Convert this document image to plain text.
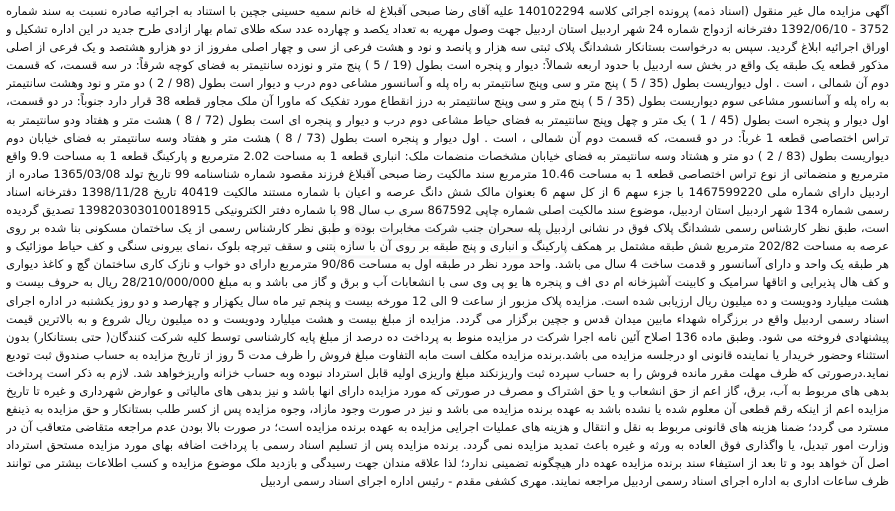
آگهی مزایده مال غیر منقول (اسناد ذمه) پرونده اجرائی کلاسه 140102294 علیه آقای رضا صبحی آقبلاغ له خانم سمیه حسینی جچین با استناد به اجرائیه صادره نسبت به سند شماره 3752 - 1392/06/10 دفترخانه ازدواج شماره 24 شهر اردبیل استان اردبیل جهت وصول مهریه به تعداد یکصد و چهارده عدد سکه طلای تمام بهار ازادی طرح جدید در این اداره تشکیل و اوراق اجرائیه ابلاغ گردید. سپس به درخواست بستانکار ششدانگ پلاک ثبتی سه هزار و پانصد و نود و هشت فرعی از سی و چهار اصلی مفروز از دو هزارو هشتصد و یک فرعی از اصلی مذکور قطعه یک طبقه یک واقع در بخش سه اردبیل با حدود اربعه شمالاً: دیوار و پنجره است بطول (19 / 5 ) پنج متر و نوزده سانتیمتر به فضای کوچه شرقاً: در سه قسمت، که قسمت دوم آن شمالی ، است . اول دیواریست بطول (35 / 5 ) پنج متر و سی وپنج سانتیمتر به راه پله و آسانسور مشاعی دوم درب و دیوار است بطول (98 / 2 ) دو متر و نود وهشت سانتیمتر به راه پله و آسانسور مشاعی سوم دیواریست بطول (35 / 5 ) پنج متر و سی وپنج سانتیمتر به درز انقطاع مورد تفکیک که ماورا آن ملک مجاور قطعه 38 قرار دارد جنوباً: در دو قسمت، اول دیوار و پنجره است بطول (45 / 1 ) یک متر و چهل وپنج سانتیمتر به فضای حیاط مشاعی دوم درب و دیوار و پنجره ای است بطول (72 / 8 ) هشت متر و هفتاد ودو سانتیمتر به تراس اختصاصی قطعه 1 غرباً: در دو قسمت، که قسمت دوم آن شمالی ، است . اول دیوار و پنجره است بطول (73 / 8 ) هشت متر و هفتاد وسه سانتیمتر به فضای خیابان دوم دیواریست بطول (83 / 2 ) دو متر و هشتاد وسه سانتیمتر به فضای خیابان مشخصات منضمات ملک: انباری قطعه 1 به مساحت 2.02 مترمربع و پارکینگ قطعه 1 به مساحت 9.9 واقع مترمربع و منضماتی از نوع تراس اختصاصی قطعه 1 به مساحت 10.46 مترمربع سند مالکیت رضا صبحی آقبلاغ فرزند مقصود شماره شناسنامه 99 تاریخ تولد 1365/03/08 صادره از اردبیل دارای شماره ملی 1467599220 با جزء سهم 6 از کل سهم 6 بعنوان مالک شش دانگ عرصه و اعیان با شماره مستند مالکیت 40419 تاریخ 1398/11/28 دفترخانه اسناد رسمی شماره 134 شهر اردبیل استان اردبیل، موضوع سند مالکیت اصلی شماره چاپی 867592 سری ب سال 98 با شماره دفتر الکترونیکی 139820303010018915 تصدیق گردیده است، طبق نظر کارشناس رسمی ششدانگ پلاک فوق در نشانی اردبیل پله سحران جنب شرکت مخابرات بوده و طبق نظر کارشناس رسمی از یک ساختمان مسکونی بنا شده بر روی عرصه به مساحت 202/82 مترمربع شش طبقه مشتمل بر همکف پارکینگ و انباری و پنج طبقه بر روی آن با سازه بتنی و سقف تیرچه بلوک ،نمای بیرونی سنگی و کف حیاط موزائیک و هر طبقه یک واحد و دارای آسانسور و قدمت ساخت 4 سال می باشد. واحد مورد نظر در طبقه اول به مساحت 90/86 مترمربع دارای دو خواب و نازک کاری ساختمان گچ و کاغذ دیواری و کف هال پذیرایی و اتاقها سرامیک و کابینت آشپزخانه ام دی اف و پنجره ها یو پی وی سی با انشعابات آب و برق و گاز می باشد و به مبلغ 28/210/000/000 ریال به حروف بیست و هشت میلیارد ودویست و ده میلیون ریال ارزیابی شده است. مزایده پلاک مزبور از ساعت 9 الی 12 مورخه بیست و پنجم تیر ماه سال یکهزار و چهارصد و دو روز یکشنبه در اداره اجرای اسناد رسمی اردبیل واقع در برزگراه شهداء مابین میدان قدس و جچین برگزار می گردد. مزایده از مبلغ بیست و هشت میلیارد ودویست و ده میلیون ریال شروع و به بالاترین قیمت پیشنهادی فروخته می شود. وطبق ماده 136 اصلاح آئین نامه اجرا شرکت در مزایده منوط به پرداخت ده درصد از مبلغ پایه کارشناسی توسط کلیه شرکت کنندگان( حتی بستانکار) بدون استثناء وحضور خریدار یا نماینده قانونی او درجلسه مزایده می باشد.برنده مزایده مکلف است مابه التفاوت مبلغ فروش را ظرف مدت 5 روز از تاریخ مزایده به حساب صندوق ثبت توديع نمايد.درصورتی که ظرف مهلت مقرر مانده فروش را به حساب سپرده ثبت واریزنکند مبلغ واریزی اولیه قابل استرداد نبوده وبه حساب خزانه واریزخواهد شد. لازم به ذکر است پرداخت بدهی های مربوط به آب، برق، گاز اعم از حق انشعاب و یا حق اشتراک و مصرف در صورتی که مورد مزایده دارای انها باشد و نیز بدهی های مالیاتی و عوارض شهرداری و غیره تا تاریخ مزایده اعم از اینکه رقم قطعی آن معلوم شده یا نشده باشد به عهده برنده مزایده می باشد و نیز در صورت وجود مازاد، وجوه مزایده پس از کسر طلب بستانکار و حق مزایده به ذینفع مسترد می گردد؛ ضمنا هزینه های قانونی مربوط به نقل و انتقال و هزینه های عملیات اجرایی مزایده به عهده برنده مزایده است؛ در صورت بالا بودن عدم مراجعه متقاضی متعاقب آن در وزارت امور تبدیل، یا واگذاری فوق العاده به ورثه و غیره باعث تمدید مزایده نمی گردد. برنده مزایده پس از تسلیم اسناد رسمی با پرداخت اضافه بهای مورد مزایده مستحق استرداد اصل آن خواهد بود و تا بعد از استیفاء سند برنده مزایده عهده دار هیچگونه تضمینی ندارد؛ لذا علاقه مندان جهت رسیدگی و بازدید ملک موضوع مزایده و کسب اطلاعات بیشتر می توانند ظرف ساعات اداری به اداره اجرای اسناد رسمی اردبیل مراجعه نمایند. مهری کشفی مقدم - رئیس اداره اجرای اسناد رسمی اردبیل
